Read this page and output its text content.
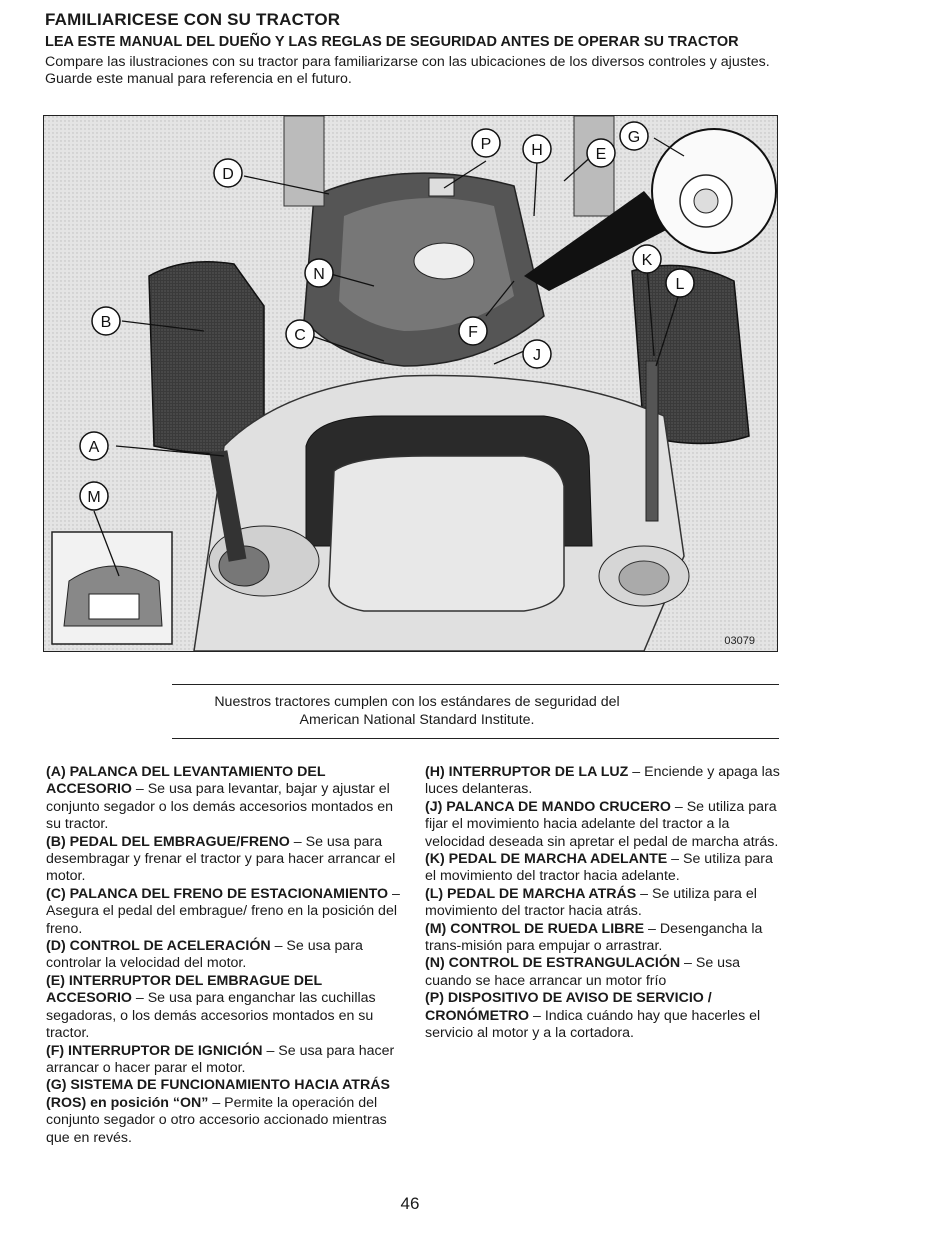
FAMILIARICESE CON SU TRACTOR

LEA ESTE MANUAL DEL DUEÑO Y LAS REGLAS DE SEGURIDAD ANTES DE OPERAR SU TRACTOR

Compare las ilustraciones con su tractor para familiarizarse con las ubicaciones de los diversos controles y ajustes. Guarde este manual para referencia en el futuro.

A
B
C
D
E
F
G
H
J
K
L
M
N
P
03079
Nuestros tractores cumplen con los estándares de seguridad del
American National Standard Institute.

(A) PALANCA DEL LEVANTAMIENTO DEL ACCESORIO – Se usa para levantar, bajar y ajustar el conjunto segador o los demás accesorios montados en su tractor.

(B) PEDAL DEL EMBRAGUE/FRENO – Se usa para desembragar y frenar el tractor y para hacer arrancar el motor.

(C) PALANCA DEL FRENO DE ESTACIONAMIENTO – Asegura el pedal del embrague/ freno en la posición del freno.

(D) CONTROL DE ACELERACIÓN – Se usa para controlar la velocidad del motor.

(E) INTERRUPTOR DEL EMBRAGUE DEL ACCESORIO – Se usa para enganchar las cuchillas segadoras, o los demás accesorios montados en su tractor.

(F) INTERRUPTOR DE IGNICIÓN – Se usa para hacer arrancar o hacer parar el motor.

(G) SISTEMA DE FUNCIONAMIENTO HACIA ATRÁS (ROS) en posición “ON” – Permite la operación del conjunto segador o otro accesorio accionado mientras que en revés.

(H) INTERRUPTOR DE LA LUZ – Enciende y apaga las luces delanteras.

(J) PALANCA DE MANDO CRUCERO – Se utiliza para fijar el movimiento hacia adelante del tractor a la velocidad deseada sin apretar el pedal de marcha atrás.

(K) PEDAL DE MARCHA ADELANTE – Se utiliza para el movimiento del tractor hacia adelante.

(L) PEDAL DE MARCHA ATRÁS – Se utiliza para el movimiento del tractor hacia atrás.

(M) CONTROL DE RUEDA LIBRE – Desengancha la trans-misión para empujar o arrastrar.

(N) CONTROL DE ESTRANGULACIÓN – Se usa cuando se hace arrancar un motor frío

(P) DISPOSITIVO DE AVISO DE SERVICIO / CRONÓMETRO – Indica cuándo hay que hacerles el servicio al motor y a la cortadora.

46
